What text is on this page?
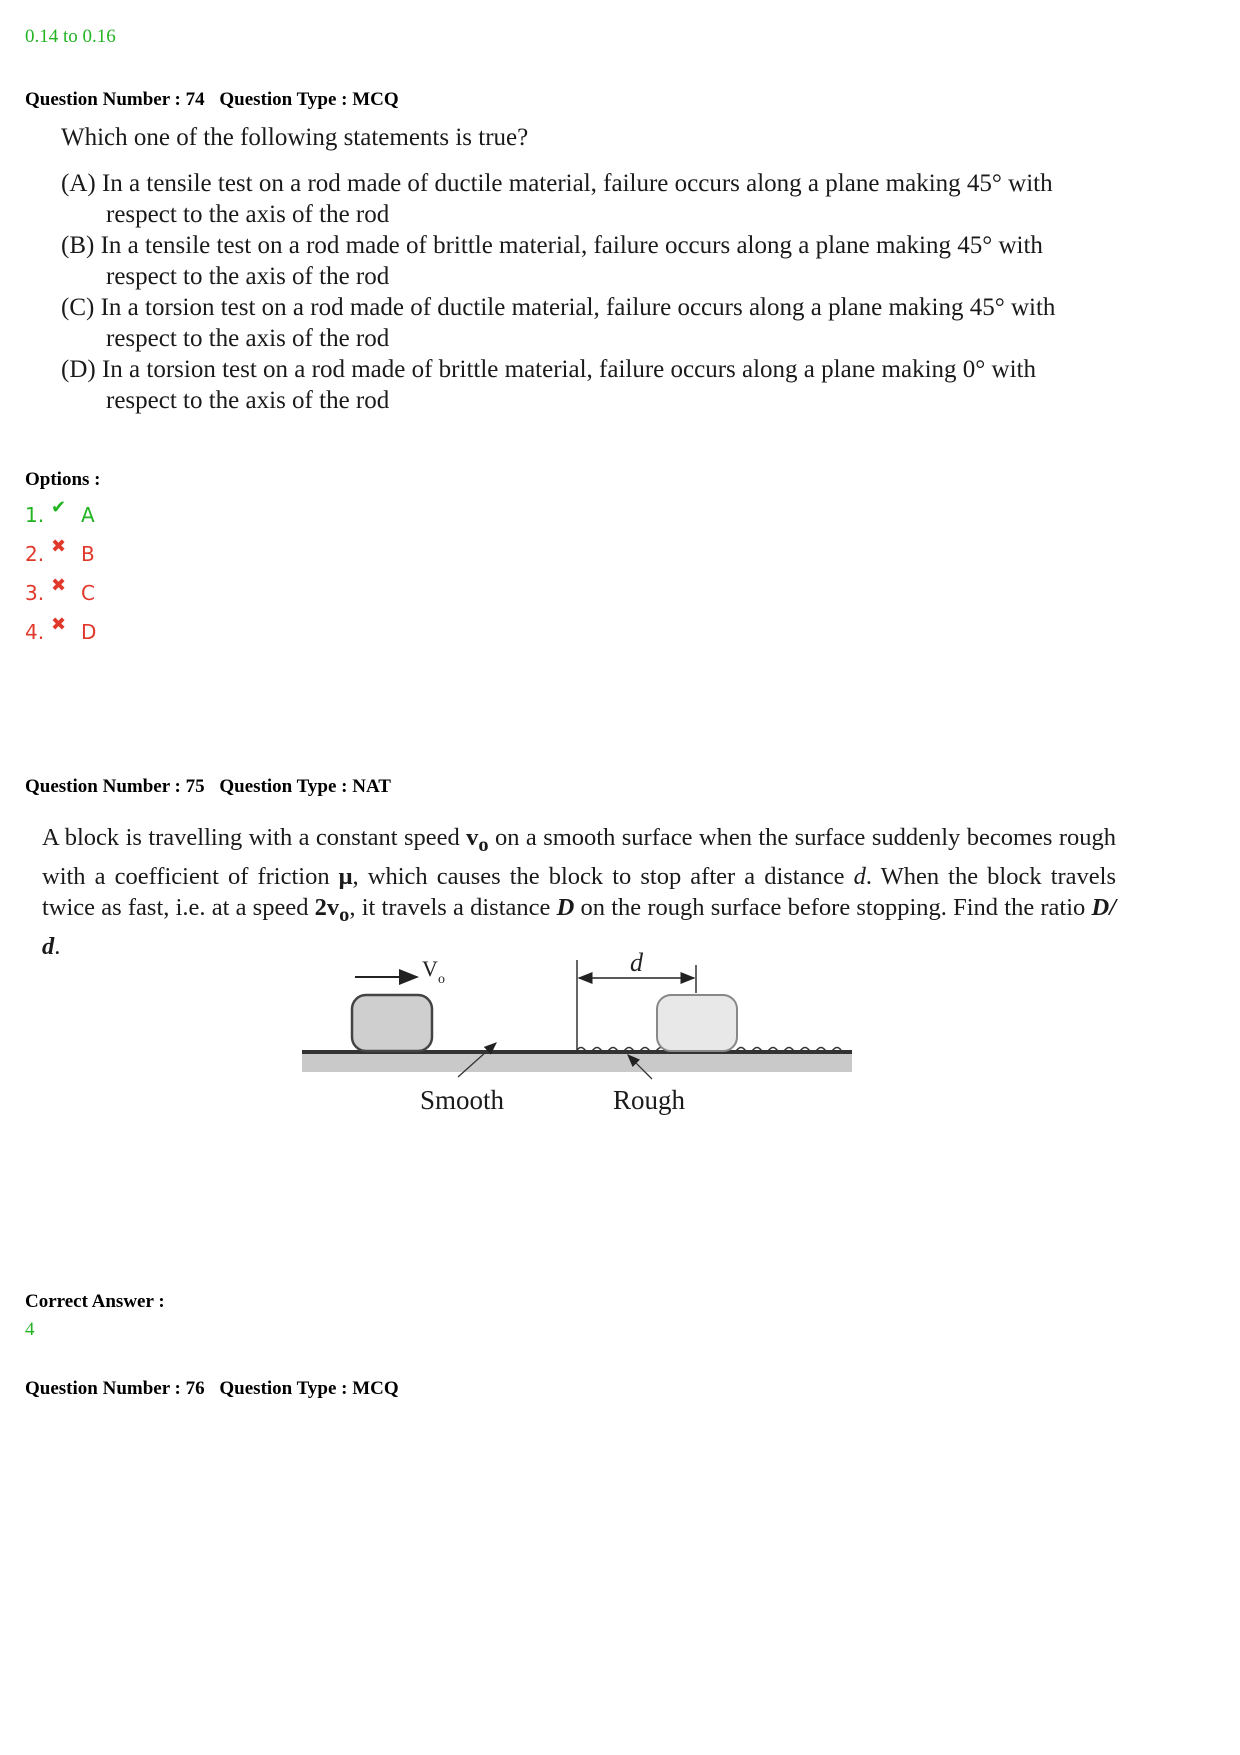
0.14 to 0.16
Question Number : 74 Question Type : MCQ
Which one of the following statements is true?
(A) In a tensile test on a rod made of ductile material, failure occurs along a plane making 45° with
respect to the axis of the rod
(B) In a tensile test on a rod made of brittle material, failure occurs along a plane making 45° with
respect to the axis of the rod
(C) In a torsion test on a rod made of ductile material, failure occurs along a plane making 45° with
respect to the axis of the rod
(D) In a torsion test on a rod made of brittle material, failure occurs along a plane making 0° with
respect to the axis of the rod
Options :
1. ✔ A
2. ✖ B
3. ✖ C
4. ✖ D
Question Number : 75 Question Type : NAT
A block is travelling with a constant speed $v_o$ on a smooth surface when the surface suddenly becomes rough with a coefficient of friction μ, which causes the block to stop after a distance d. When the block travels twice as fast, i.e. at a speed $2v_o$, it travels a distance D on the rough surface before stopping. Find the ratio D/ d.
V o
d
Smooth	Rough
Correct Answer :
4
Question Number : 76 Question Type : MCQ
